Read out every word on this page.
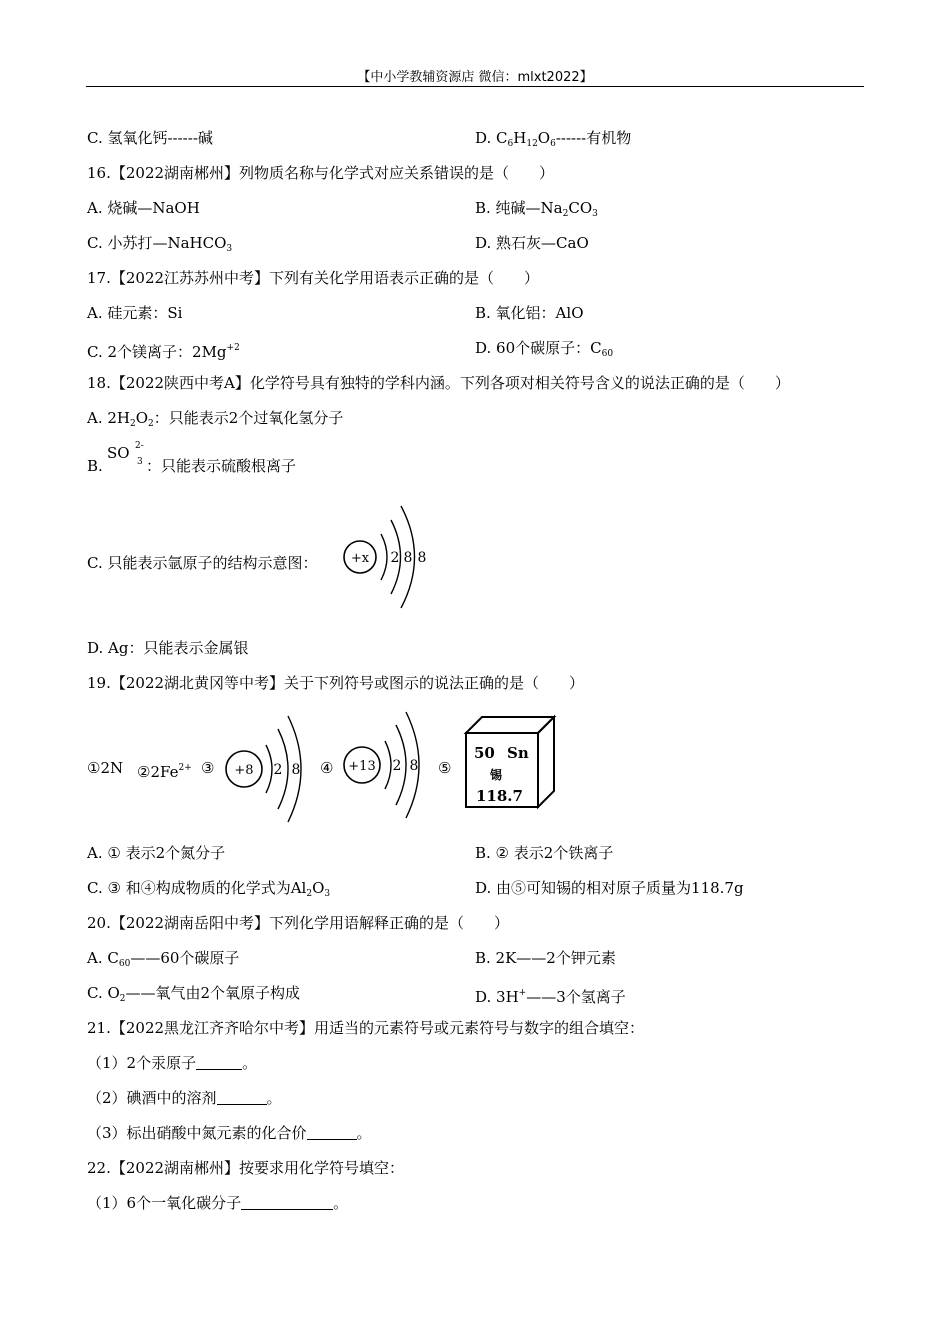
【中小学教辅资源店 微信：mlxt2022】
C. 氢氧化钙------碱	D. $C_6H_{12}O_6------$有机物
16.【2022湖南郴州】列物质名称与化学式对应关系错误的是（　　）
A. 烧碱—NaOH	B. 纯碱$—Na_2CO_3$
C. 小苏打—NaHCO$_3$	D. 熟石灰—CaO
17.【2022江苏苏州中考】下列有关化学用语表示正确的是（　　）
A. 硅元素：Si	B. 氧化铝：AlO
C. 2个镁离子：$2Mg^{+2}$	D. 60个碳原子：$C_{60}$
18.【2022陕西中考A】化学符号具有独特的学科内涵。下列各项对相关符号含义的说法正确的是（　　）
A. $2H_2O_2$：只能表示2个过氧化氢分子
B.
SO 2-
3 ：只能表示硫酸根离子
C. 只能表示氩原子的结构示意图：	+x 2 8 8
D. Ag：只能表示金属银
19.【2022湖北黄冈等中考】关于下列符号或图示的说法正确的是（　　）
①2N $②2Fe^{2+}$ ③ +8 2 8 ④ +13 2 8 ⑤
50 Sn
锡
118.7
A. ① 表示2个氮分子	B. ② 表示2个铁离子
C. ③ 和④构成物质的化学式为$Al_2O_3$	D. 由⑤可知锡的相对原子质量为118.7g
20.【2022湖南岳阳中考】下列化学用语解释正确的是（　　）
A. $C_{60}——60$个碳原子	B. 2K——2个钾元素
C. $O_2——$氧气由2个氧原子构成	D. 3H+——3个氢离子
21.【2022黑龙江齐齐哈尔中考】用适当的元素符号或元素符号与数字的组合填空：
（1）2个汞原子	。
（2）碘酒中的溶剂	。
（3）标出硝酸中氮元素的化合价	。
22.【2022湖南郴州】按要求用化学符号填空：
（1）6个一氧化碳分子	。
